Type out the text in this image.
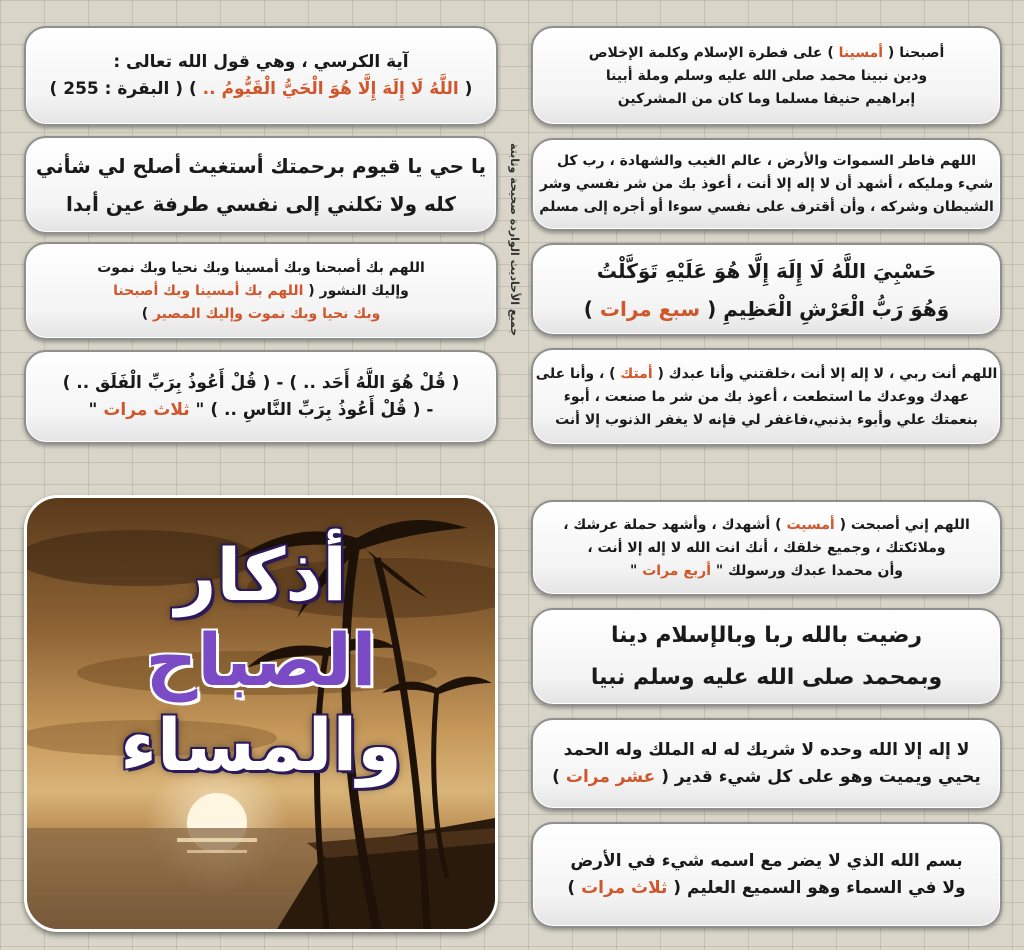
أصبحنا ( أمسينا ) على فطرة الإسلام وكلمة الإخلاص
ودين نبينا محمد صلى الله عليه وسلم وملة أبينا
إبراهيم حنيفا مسلما وما كان من المشركين
اللهم فاطر السموات والأرض ، عالم الغيب والشهادة ، رب كل
شيء ومليكه ، أشهد أن لا إله إلا أنت ، أعوذ بك من شر نفسي وشر
الشيطان وشركه ، وأن أقترف على نفسي سوءا أو أجره إلى مسلم
حَسْبِيَ اللَّهُ لَا إِلَهَ إِلَّا هُوَ عَلَيْهِ تَوَكَّلْتُ
وَهُوَ رَبُّ الْعَرْشِ الْعَظِيمِ ( سبع مرات )
اللهم أنت ربي ، لا إله إلا أنت ،خلقتني وأنا عبدك ( أمتك ) ، وأنا على
عهدك ووعدك ما استطعت ، أعوذ بك من شر ما صنعت ، أبوء
بنعمتك علي وأبوء بذنبي،فاغفر لي فإنه لا يغفر الذنوب إلا أنت
اللهم إني أصبحت ( أمسيت ) أشهدك ، وأشهد حملة عرشك ،
وملائكتك ، وجميع خلقك ، أنك انت الله لا إله إلا أنت ،
وأن محمدا عبدك ورسولك " أربع مرات "
رضيت بالله ربا وبالإسلام دينا
وبمحمد صلى الله عليه وسلم نبيا
لا إله إلا الله وحده لا شريك له له الملك وله الحمد
يحيي ويميت وهو على كل شيء قدير ( عشر مرات )
بسم الله الذي لا يضر مع اسمه شيء في الأرض
ولا في السماء وهو السميع العليم ( ثلاث مرات )
آية الكرسي ، وهي قول الله تعالى :
( اللَّهُ لَا إِلَهَ إِلَّا هُوَ الْحَيُّ الْقَيُّومُ .. ) ( البقرة : 255 )
يا حي يا قيوم برحمتك أستغيث أصلح لي شأني
كله ولا تكلني إلى نفسي طرفة عين أبدا
اللهم بك أصبحنا وبك أمسينا وبك نحيا وبك نموت
وإليك النشور ( اللهم بك أمسينا وبك أصبحنا
وبك نحيا وبك نموت وإليك المصير )
( قُلْ هُوَ اللَّهُ أَحَد .. ) - ( قُلْ أَعُوذُ بِرَبِّ الْفَلَق .. )
- ( قُلْ أَعُوذُ بِرَبِّ النَّاسِ .. ) " ثلاث مرات "
جميع الأحاديث الواردة صحيحة وثابتة
أذكار
الصباح
والمساء
